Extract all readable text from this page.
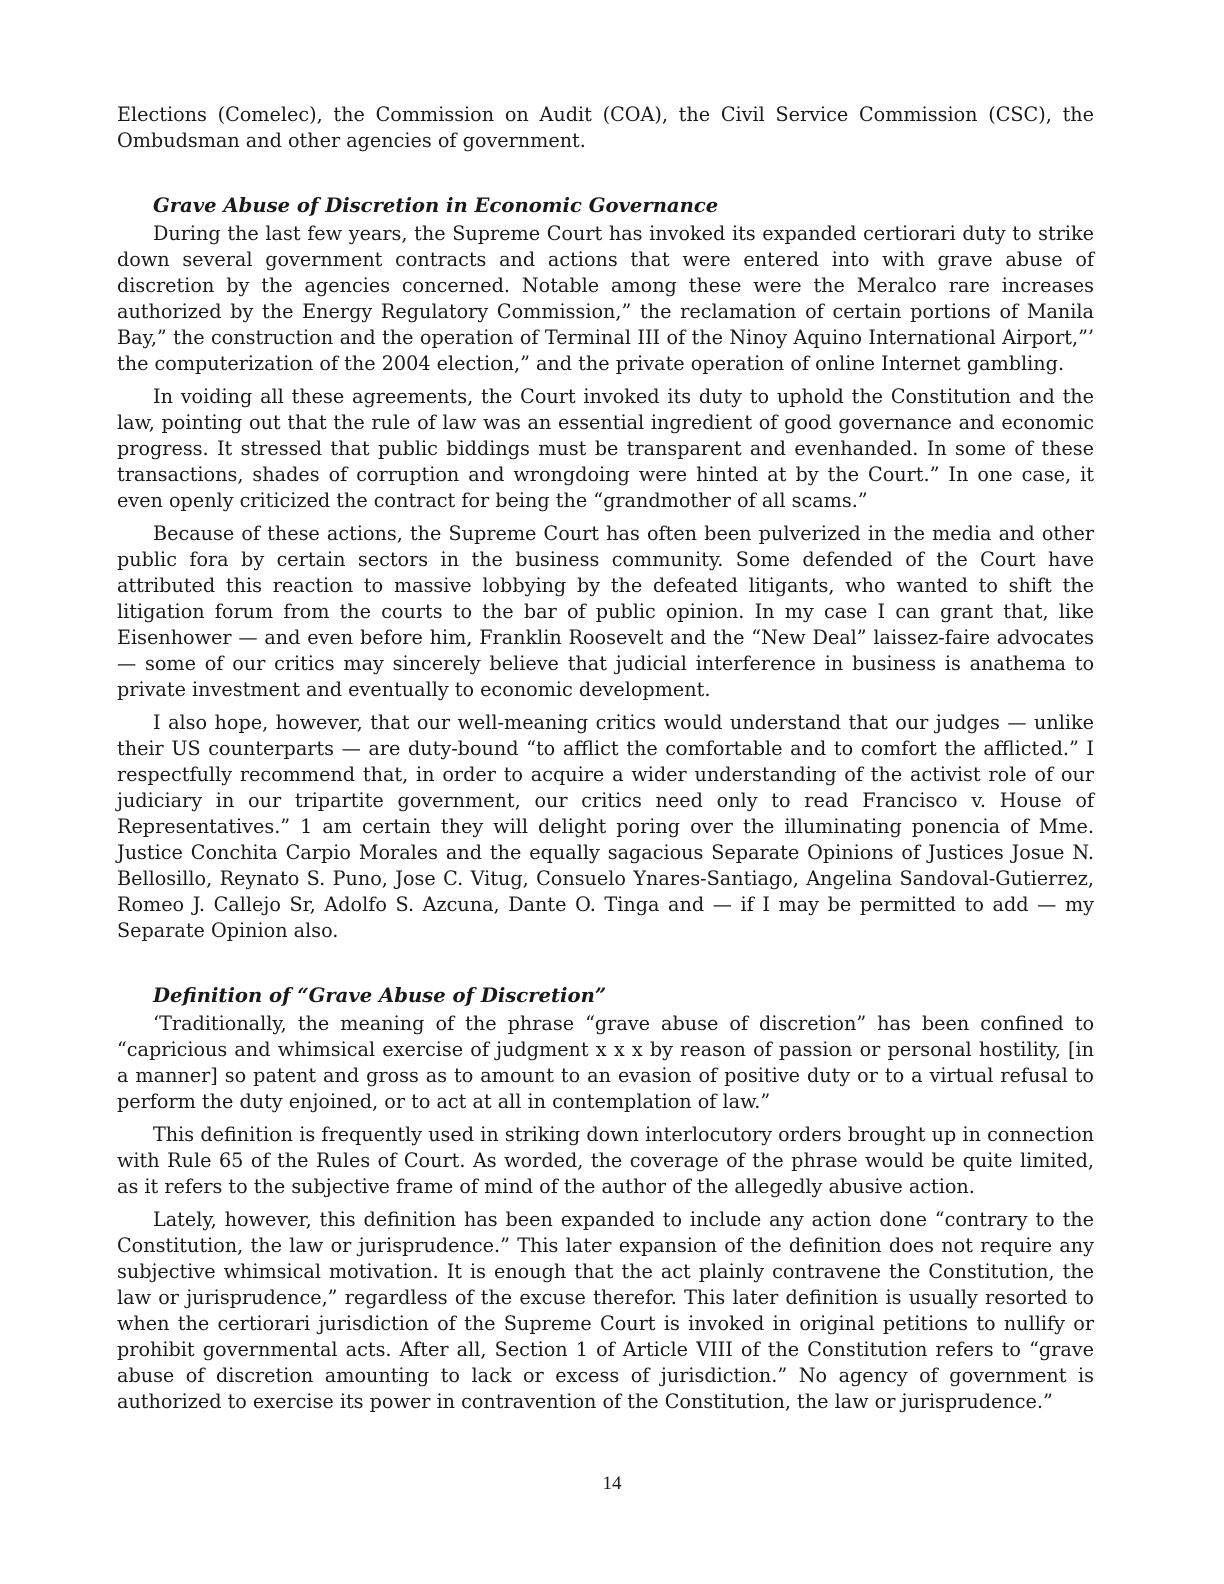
Elections (Comelec), the Commission on Audit (COA), the Civil Service Commission (CSC), the Ombudsman and other agencies of government.

Grave Abuse of Discretion in Economic Governance

During the last few years, the Supreme Court has invoked its expanded certiorari duty to strike down several government contracts and actions that were entered into with grave abuse of discretion by the agencies concerned. Notable among these were the Meralco rare increases authorized by the Energy Regulatory Commission,” the reclamation of certain portions of Manila Bay,” the construction and the operation of Terminal III of the Ninoy Aquino International Airport,”’ the computerization of the 2004 election,” and the private operation of online Internet gambling.

In voiding all these agreements, the Court invoked its duty to uphold the Constitution and the law, pointing out that the rule of law was an essential ingredient of good governance and economic progress. It stressed that public biddings must be transparent and evenhanded. In some of these transactions, shades of corruption and wrongdoing were hinted at by the Court.” In one case, it even openly criticized the contract for being the “grandmother of all scams.”

Because of these actions, the Supreme Court has often been pulverized in the media and other public fora by certain sectors in the business community. Some defended of the Court have attributed this reaction to massive lobbying by the defeated litigants, who wanted to shift the litigation forum from the courts to the bar of public opinion. In my case I can grant that, like Eisenhower — and even before him, Franklin Roosevelt and the “New Deal” laissez-faire advocates — some of our critics may sincerely believe that judicial interference in business is anathema to private investment and eventually to economic development.

I also hope, however, that our well-meaning critics would understand that our judges — unlike their US counterparts — are duty-bound “to afflict the comfortable and to comfort the afflicted.” I respectfully recommend that, in order to acquire a wider understanding of the activist role of our judiciary in our tripartite government, our critics need only to read Francisco v. House of Representatives.” 1 am certain they will delight poring over the illuminating ponencia of Mme. Justice Conchita Carpio Morales and the equally sagacious Separate Opinions of Justices Josue N. Bellosillo, Reynato S. Puno, Jose C. Vitug, Consuelo Ynares-Santiago, Angelina Sandoval-Gutierrez, Romeo J. Callejo Sr, Adolfo S. Azcuna, Dante O. Tinga and — if I may be permitted to add — my Separate Opinion also.

Definition of “Grave Abuse of Discretion”

‘Traditionally, the meaning of the phrase “grave abuse of discretion” has been confined to “capricious and whimsical exercise of judgment x x x by reason of passion or personal hostility, [in a manner] so patent and gross as to amount to an evasion of positive duty or to a virtual refusal to perform the duty enjoined, or to act at all in contemplation of law.”

This definition is frequently used in striking down interlocutory orders brought up in connection with Rule 65 of the Rules of Court. As worded, the coverage of the phrase would be quite limited, as it refers to the subjective frame of mind of the author of the allegedly abusive action.

Lately, however, this definition has been expanded to include any action done “contrary to the Constitution, the law or jurisprudence.” This later expansion of the definition does not require any subjective whimsical motivation. It is enough that the act plainly contravene the Constitution, the law or jurisprudence,” regardless of the excuse therefor. This later definition is usually resorted to when the certiorari jurisdiction of the Supreme Court is invoked in original petitions to nullify or prohibit governmental acts. After all, Section 1 of Article VIII of the Constitution refers to “grave abuse of discretion amounting to lack or excess of jurisdiction.” No agency of government is authorized to exercise its power in contravention of the Constitution, the law or jurisprudence.”

14
